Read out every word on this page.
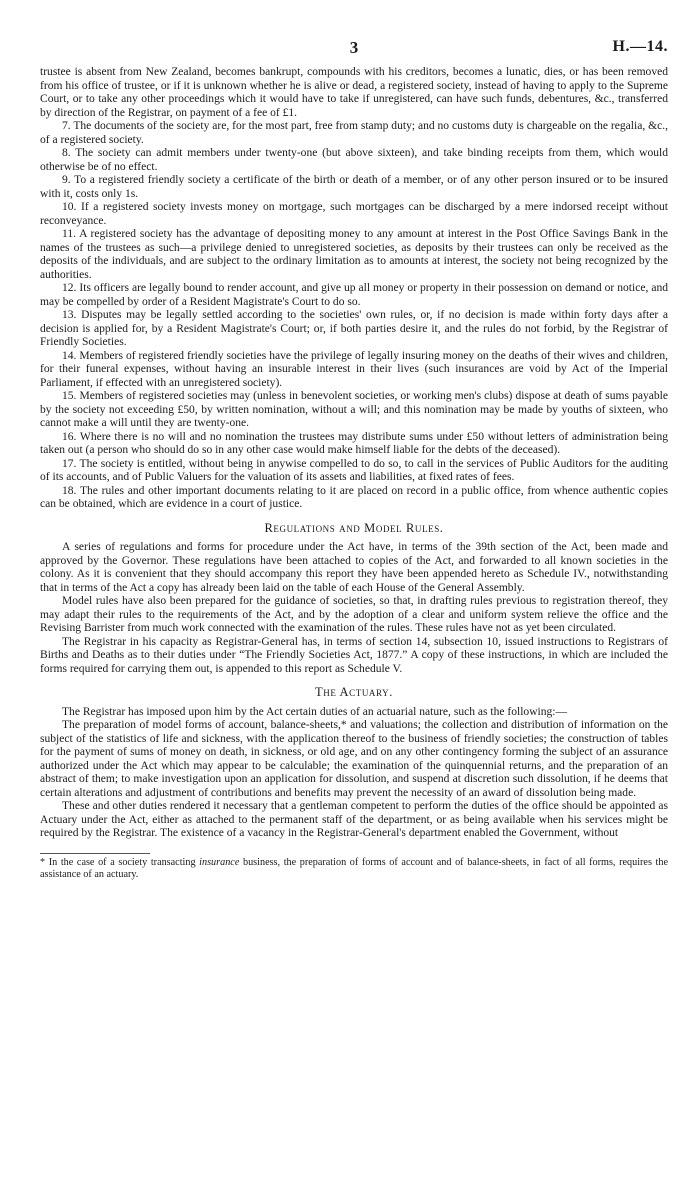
3	H.—14.

trustee is absent from New Zealand, becomes bankrupt, compounds with his creditors, becomes a lunatic, dies, or has been removed from his office of trustee, or if it is unknown whether he is alive or dead, a registered society, instead of having to apply to the Supreme Court, or to take any other proceedings which it would have to take if unregistered, can have such funds, debentures, &c., transferred by direction of the Registrar, on payment of a fee of £1.

7. The documents of the society are, for the most part, free from stamp duty; and no customs duty is chargeable on the regalia, &c., of a registered society.

8. The society can admit members under twenty-one (but above sixteen), and take binding receipts from them, which would otherwise be of no effect.

9. To a registered friendly society a certificate of the birth or death of a member, or of any other person insured or to be insured with it, costs only 1s.

10. If a registered society invests money on mortgage, such mortgages can be discharged by a mere indorsed receipt without reconveyance.

11. A registered society has the advantage of depositing money to any amount at interest in the Post Office Savings Bank in the names of the trustees as such—a privilege denied to unregistered societies, as deposits by their trustees can only be received as the deposits of the individuals, and are subject to the ordinary limitation as to amounts at interest, the society not being recognized by the authorities.

12. Its officers are legally bound to render account, and give up all money or property in their possession on demand or notice, and may be compelled by order of a Resident Magistrate's Court to do so.

13. Disputes may be legally settled according to the societies' own rules, or, if no decision is made within forty days after a decision is applied for, by a Resident Magistrate's Court; or, if both parties desire it, and the rules do not forbid, by the Registrar of Friendly Societies.

14. Members of registered friendly societies have the privilege of legally insuring money on the deaths of their wives and children, for their funeral expenses, without having an insurable interest in their lives (such insurances are void by Act of the Imperial Parliament, if effected with an unregistered society).

15. Members of registered societies may (unless in benevolent societies, or working men's clubs) dispose at death of sums payable by the society not exceeding £50, by written nomination, without a will; and this nomination may be made by youths of sixteen, who cannot make a will until they are twenty-one.

16. Where there is no will and no nomination the trustees may distribute sums under £50 without letters of administration being taken out (a person who should do so in any other case would make himself liable for the debts of the deceased).

17. The society is entitled, without being in anywise compelled to do so, to call in the services of Public Auditors for the auditing of its accounts, and of Public Valuers for the valuation of its assets and liabilities, at fixed rates of fees.

18. The rules and other important documents relating to it are placed on record in a public office, from whence authentic copies can be obtained, which are evidence in a court of justice.

Regulations and Model Rules.

A series of regulations and forms for procedure under the Act have, in terms of the 39th section of the Act, been made and approved by the Governor. These regulations have been attached to copies of the Act, and forwarded to all known societies in the colony. As it is convenient that they should accompany this report they have been appended hereto as Schedule IV., notwithstanding that in terms of the Act a copy has already been laid on the table of each House of the General Assembly.

Model rules have also been prepared for the guidance of societies, so that, in drafting rules previous to registration thereof, they may adapt their rules to the requirements of the Act, and by the adoption of a clear and uniform system relieve the office and the Revising Barrister from much work connected with the examination of the rules. These rules have not as yet been circulated.

The Registrar in his capacity as Registrar-General has, in terms of section 14, subsection 10, issued instructions to Registrars of Births and Deaths as to their duties under “The Friendly Societies Act, 1877.” A copy of these instructions, in which are included the forms required for carrying them out, is appended to this report as Schedule V.

The Actuary.

The Registrar has imposed upon him by the Act certain duties of an actuarial nature, such as the following:—

The preparation of model forms of account, balance-sheets,* and valuations; the collection and distribution of information on the subject of the statistics of life and sickness, with the application thereof to the business of friendly societies; the construction of tables for the payment of sums of money on death, in sickness, or old age, and on any other contingency forming the subject of an assurance authorized under the Act which may appear to be calculable; the examination of the quinquennial returns, and the preparation of an abstract of them; to make investigation upon an application for dissolution, and suspend at discretion such dissolution, if he deems that certain alterations and adjustment of contributions and benefits may prevent the necessity of an award of dissolution being made.

These and other duties rendered it necessary that a gentleman competent to perform the duties of the office should be appointed as Actuary under the Act, either as attached to the permanent staff of the department, or as being available when his services might be required by the Registrar. The existence of a vacancy in the Registrar-General's department enabled the Government, without

* In the case of a society transacting insurance business, the preparation of forms of account and of balance-sheets, in fact of all forms, requires the assistance of an actuary.
